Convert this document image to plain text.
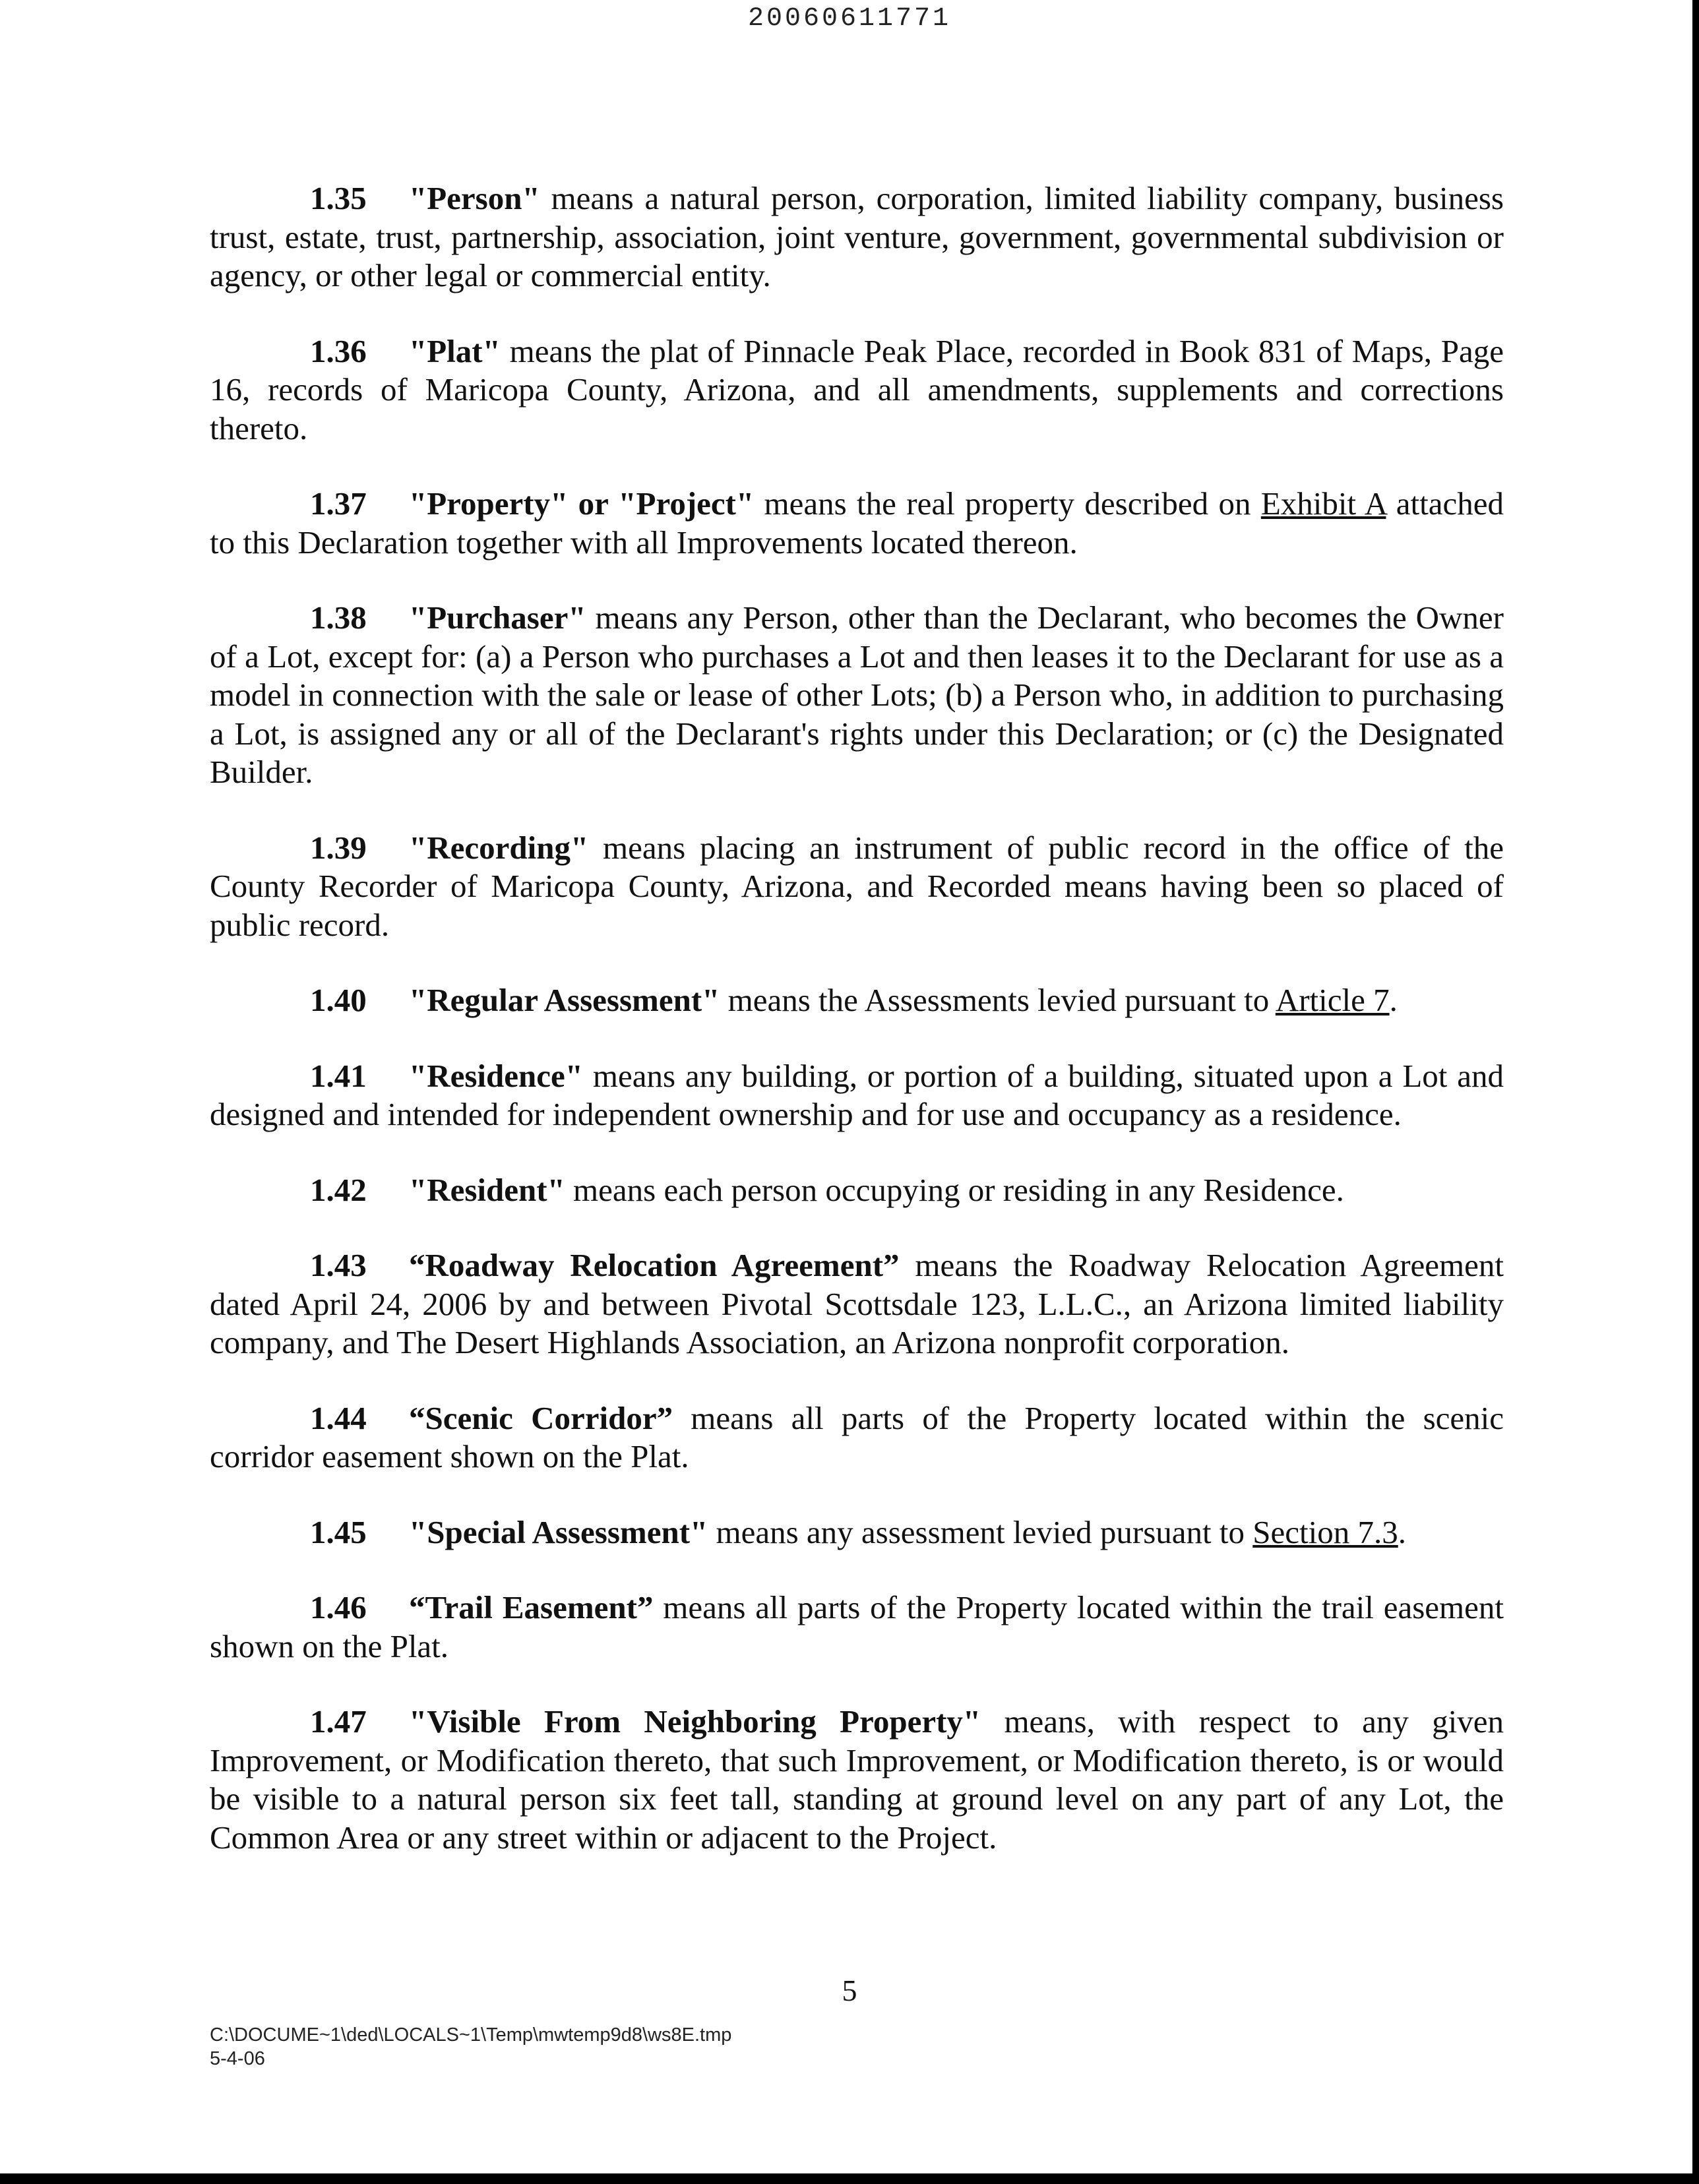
20060611771

1.35 "Person" means a natural person, corporation, limited liability company, business trust, estate, trust, partnership, association, joint venture, government, governmental subdivision or agency, or other legal or commercial entity.

1.36 "Plat" means the plat of Pinnacle Peak Place, recorded in Book 831 of Maps, Page 16, records of Maricopa County, Arizona, and all amendments, supplements and corrections thereto.

1.37 "Property" or "Project" means the real property described on Exhibit A attached to this Declaration together with all Improvements located thereon.

1.38 "Purchaser" means any Person, other than the Declarant, who becomes the Owner of a Lot, except for: (a) a Person who purchases a Lot and then leases it to the Declarant for use as a model in connection with the sale or lease of other Lots; (b) a Person who, in addition to purchasing a Lot, is assigned any or all of the Declarant's rights under this Declaration; or (c) the Designated Builder.

1.39 "Recording" means placing an instrument of public record in the office of the County Recorder of Maricopa County, Arizona, and Recorded means having been so placed of public record.

1.40 "Regular Assessment" means the Assessments levied pursuant to Article 7.

1.41 "Residence" means any building, or portion of a building, situated upon a Lot and designed and intended for independent ownership and for use and occupancy as a residence.

1.42 "Resident" means each person occupying or residing in any Residence.

1.43 “Roadway Relocation Agreement” means the Roadway Relocation Agreement dated April 24, 2006 by and between Pivotal Scottsdale 123, L.L.C., an Arizona limited liability company, and The Desert Highlands Association, an Arizona nonprofit corporation.

1.44 “Scenic Corridor” means all parts of the Property located within the scenic corridor easement shown on the Plat.

1.45 "Special Assessment" means any assessment levied pursuant to Section 7.3.

1.46 “Trail Easement” means all parts of the Property located within the trail easement shown on the Plat.

1.47 "Visible From Neighboring Property" means, with respect to any given Improvement, or Modification thereto, that such Improvement, or Modification thereto, is or would be visible to a natural person six feet tall, standing at ground level on any part of any Lot, the Common Area or any street within or adjacent to the Project.

5
C:\DOCUME~1\ded\LOCALS~1\Temp\mwtemp9d8\ws8E.tmp
5-4-06
